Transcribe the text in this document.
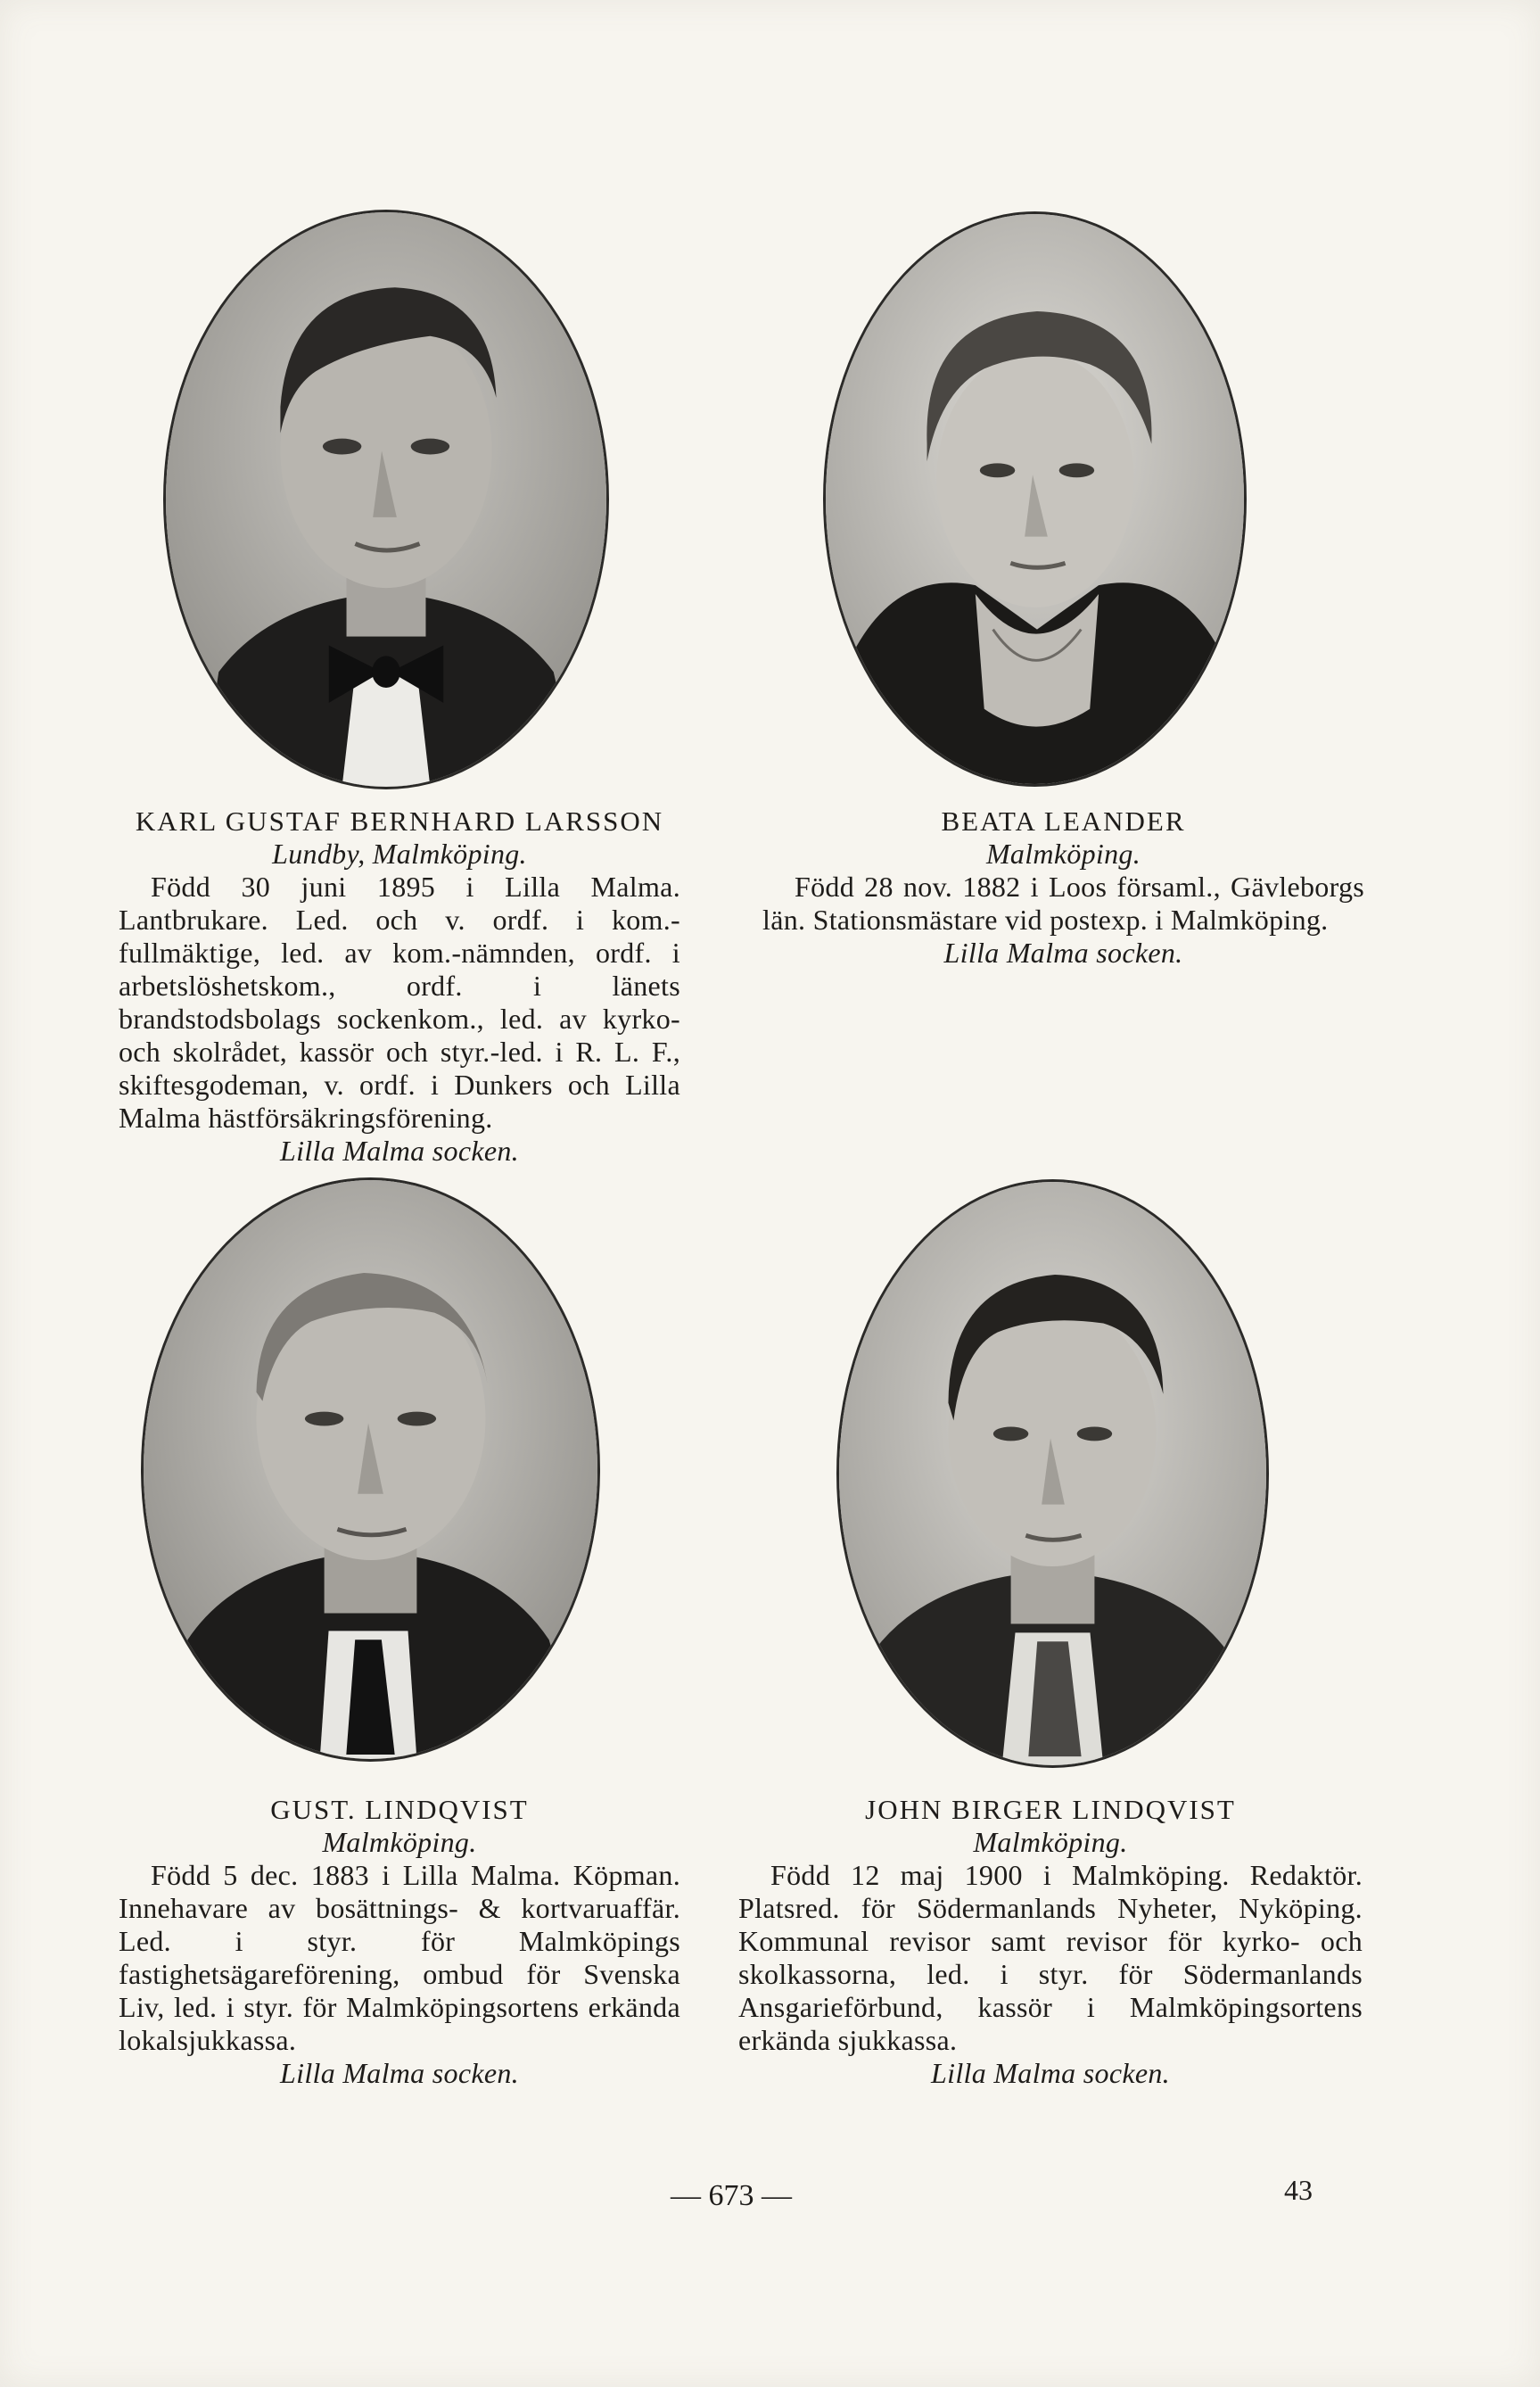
KARL GUSTAF BERNHARD LARSSON

Lundby, Malmköping.

Född 30 juni 1895 i Lilla Malma. Lantbrukare. Led. och v. ordf. i kom.-fullmäktige, led. av kom.-nämnden, ordf. i arbetslöshetskom., ordf. i länets brandstodsbolags sockenkom., led. av kyrko- och skolrådet, kassör och styr.-led. i R. L. F., skiftesgodeman, v. ordf. i Dunkers och Lilla Malma hästförsäkringsförening.

Lilla Malma socken.

BEATA LEANDER

Malmköping.

Född 28 nov. 1882 i Loos församl., Gävleborgs län. Stationsmästare vid postexp. i Malmköping.

Lilla Malma socken.

GUST. LINDQVIST

Malmköping.

Född 5 dec. 1883 i Lilla Malma. Köpman. Innehavare av bosättnings- & kortvaruaffär. Led. i styr. för Malmköpings fastighetsägareförening, ombud för Svenska Liv, led. i styr. för Malmköpingsortens erkända lokalsjukkassa.

Lilla Malma socken.

JOHN BIRGER LINDQVIST

Malmköping.

Född 12 maj 1900 i Malmköping. Redaktör. Platsred. för Södermanlands Nyheter, Nyköping. Kommunal revisor samt revisor för kyrko- och skolkassorna, led. i styr. för Södermanlands Ansgarieförbund, kassör i Malmköpingsortens erkända sjukkassa.

Lilla Malma socken.

— 673 —	43
